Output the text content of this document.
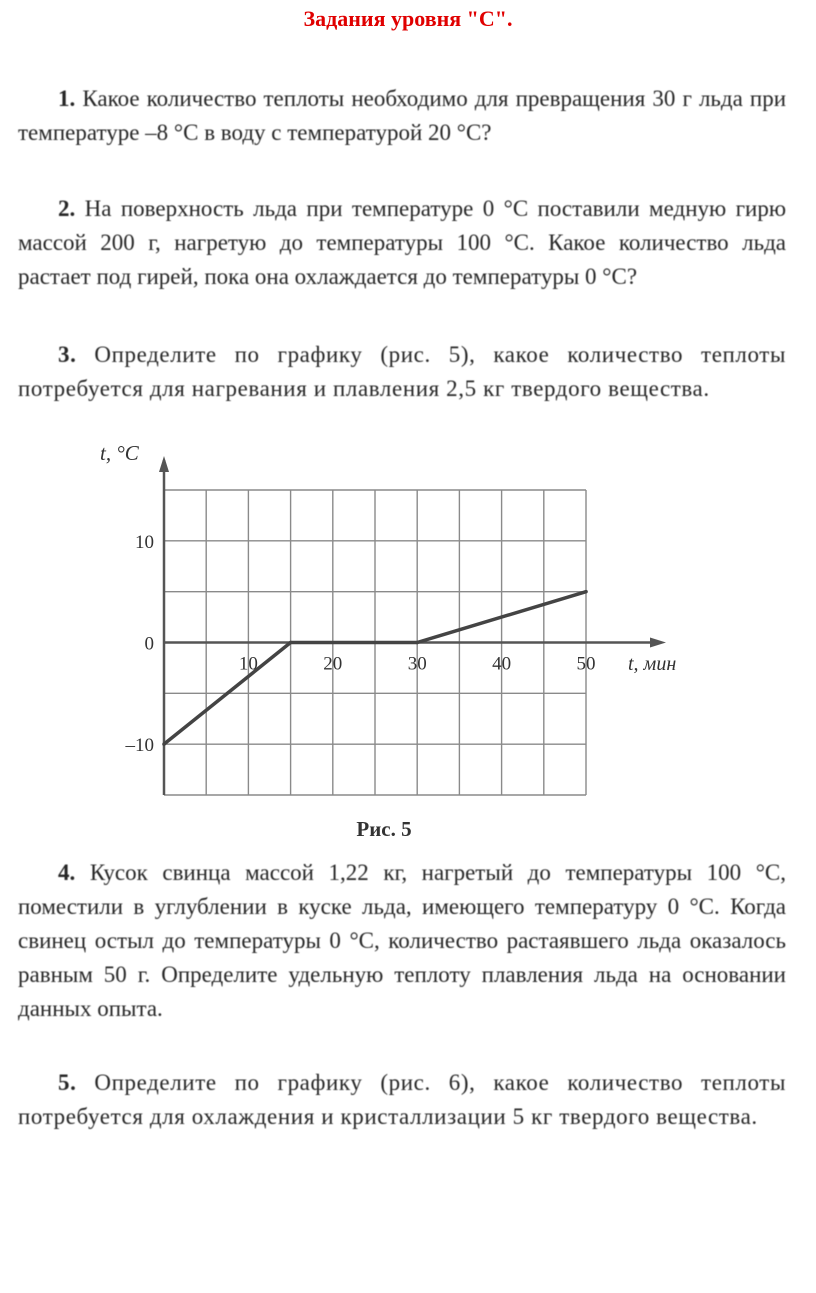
Задания уровня "С".
1. Какое количество теплоты необходимо для превращения 30 г льда при температуре –8 °С в воду с температурой 20 °С?
2. На поверхность льда при температуре 0 °С поставили медную гирю массой 200 г, нагретую до температуры 100 °С. Какое количество льда растает под гирей, пока она охлаждается до температуры 0 °С?
3. Определите по графику (рис. 5), какое количество теплоты потребуется для нагревания и плавления 2,5 кг твердого вещества.
10	20	30	40	50
10
0
–10
t, °C
t, мин
Рис. 5
4. Кусок свинца массой 1,22 кг, нагретый до температуры 100 °С, поместили в углублении в куске льда, имеющего температуру 0 °С. Когда свинец остыл до температуры 0 °С, количество растаявшего льда оказалось равным 50 г. Определите удельную теплоту плавления льда на основании данных опыта.
5. Определите по графику (рис. 6), какое количество теплоты потребуется для охлаждения и кристаллизации 5 кг твердого вещества.
